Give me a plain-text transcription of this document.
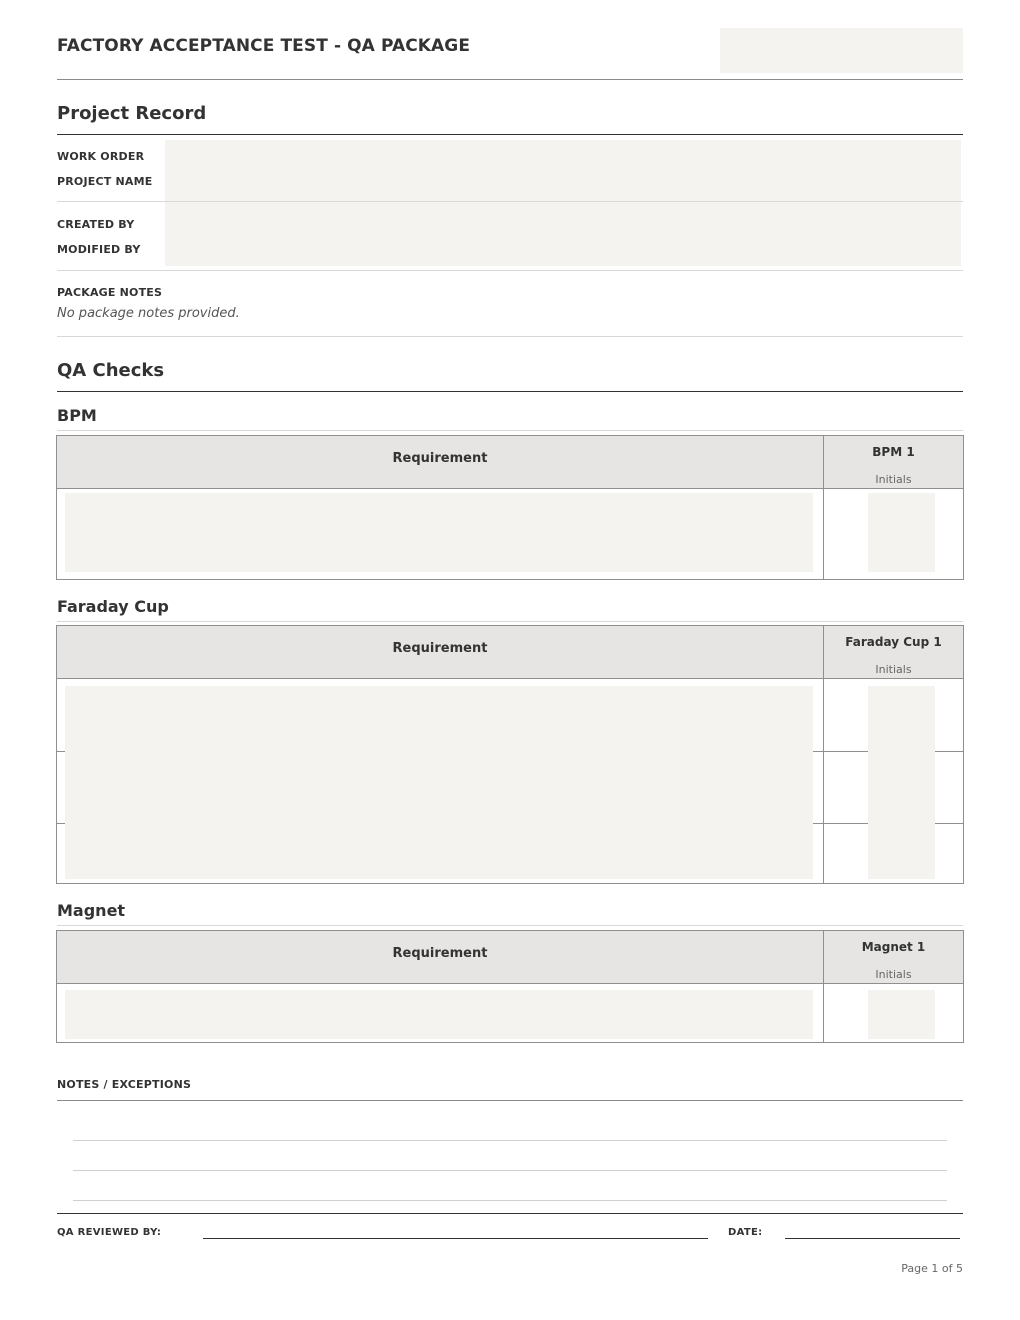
FACTORY ACCEPTANCE TEST - QA PACKAGE
Project Record
WORK ORDER
PROJECT NAME
CREATED BY
MODIFIED BY
PACKAGE NOTES
No package notes provided.
QA Checks
BPM
Requirement	BPM 1
Initials
Faraday Cup
Requirement	Faraday Cup 1
Initials
Magnet
Requirement	Magnet 1
Initials
NOTES / EXCEPTIONS
QA REVIEWED BY:	DATE:
Page 1 of 5
